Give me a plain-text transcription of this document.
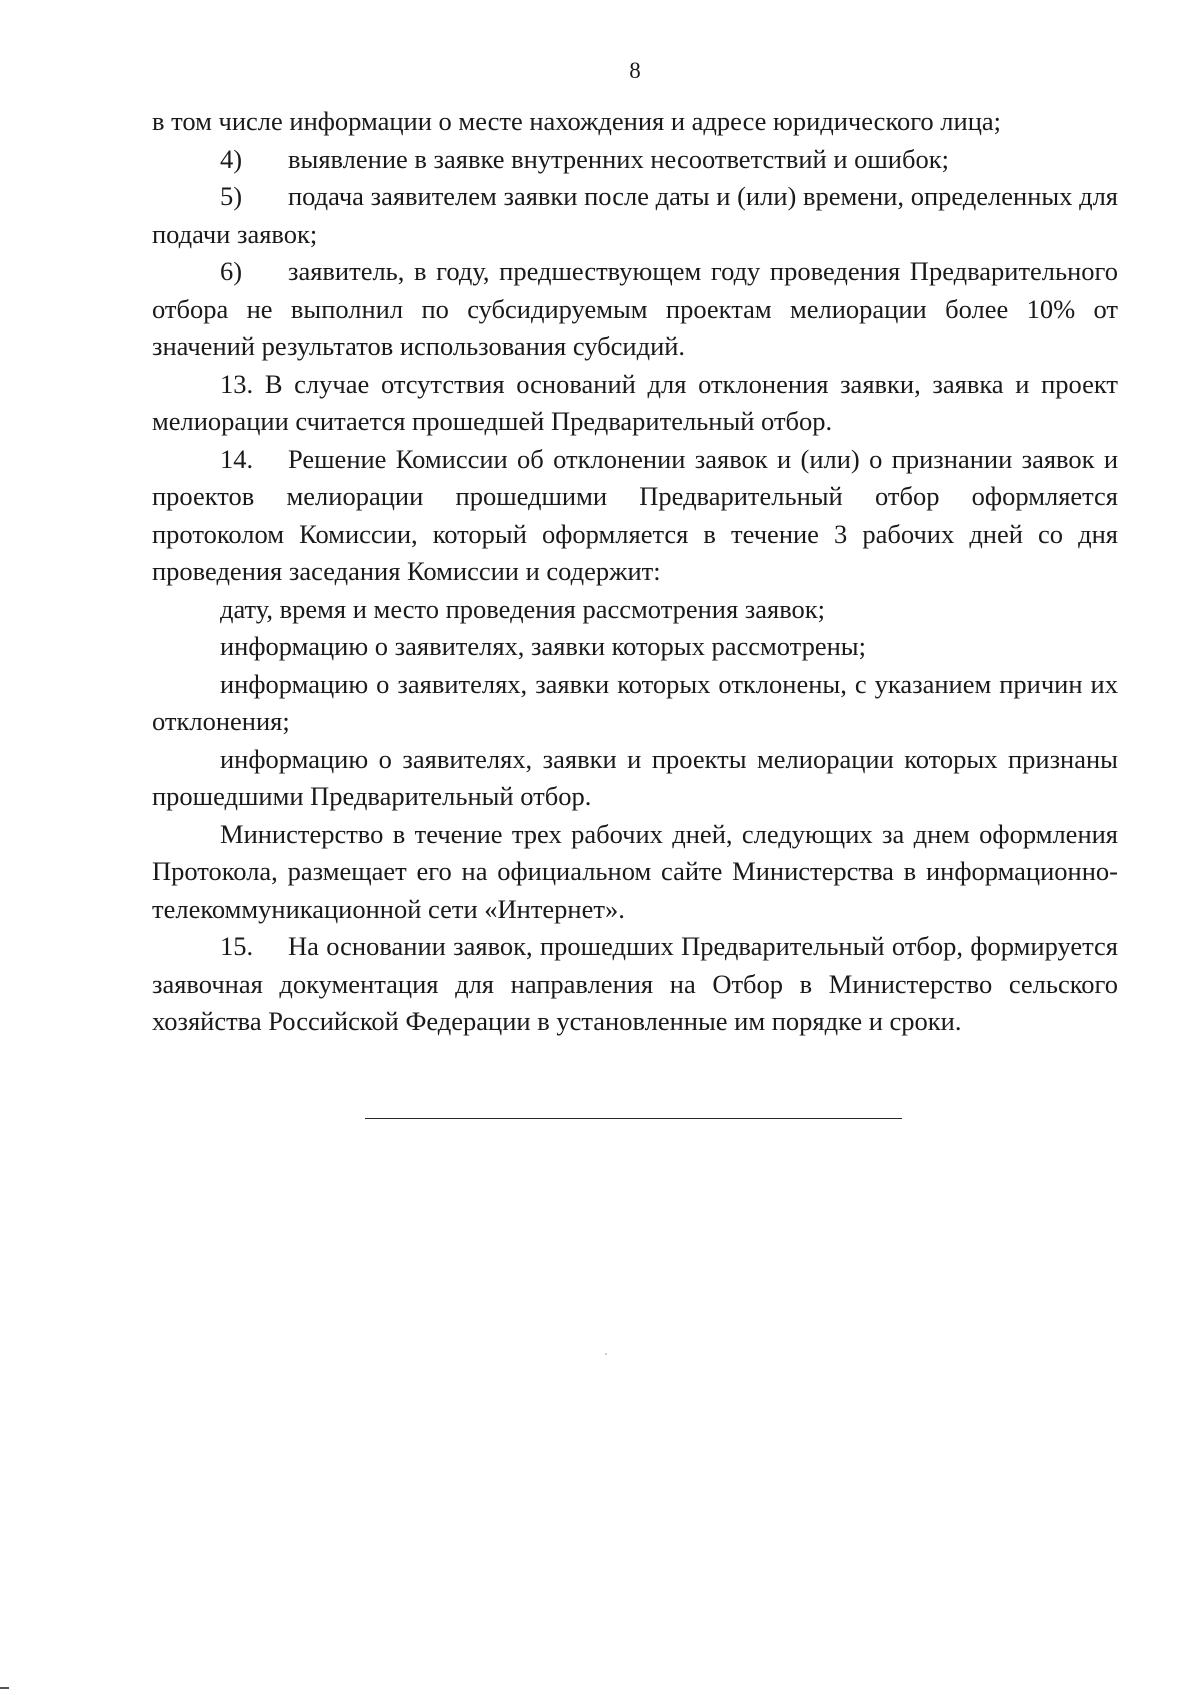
8

в том числе информации о месте нахождения и адресе юридического лица;

4) выявление в заявке внутренних несоответствий и ошибок;

5) подача заявителем заявки после даты и (или) времени, определенных для подачи заявок;

6) заявитель, в году, предшествующем году проведения Предварительного отбора не выполнил по субсидируемым проектам мелиорации более 10% от значений результатов использования субсидий.

13. В случае отсутствия оснований для отклонения заявки, заявка и проект мелиорации считается прошедшей Предварительный отбор.

14. Решение Комиссии об отклонении заявок и (или) о признании заявок и проектов мелиорации прошедшими Предварительный отбор оформляется протоколом Комиссии, который оформляется в течение 3 рабочих дней со дня проведения заседания Комиссии и содержит:

дату, время и место проведения рассмотрения заявок;

информацию о заявителях, заявки которых рассмотрены;

информацию о заявителях, заявки которых отклонены, с указанием причин их отклонения;

информацию о заявителях, заявки и проекты мелиорации которых признаны прошедшими Предварительный отбор.

Министерство в течение трех рабочих дней, следующих за днем оформления Протокола, размещает его на официальном сайте Министерства в информационно-телекоммуникационной сети «Интернет».

15. На основании заявок, прошедших Предварительный отбор, формируется заявочная документация для направления на Отбор в Министерство сельского хозяйства Российской Федерации в установленные им порядке и сроки.
